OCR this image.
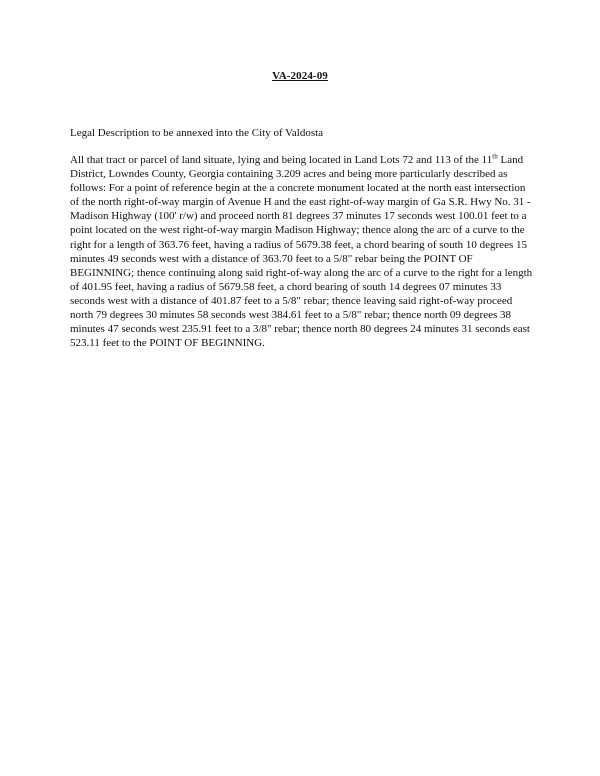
VA-2024-09
Legal Description to be annexed into the City of Valdosta
All that tract or parcel of land situate, lying and being located in Land Lots 72 and 113 of the 11th Land District, Lowndes County, Georgia containing 3.209 acres and being more particularly described as follows: For a point of reference begin at the a concrete monument located at the north east intersection of the north right-of-way margin of Avenue H and the east right-of-way margin of Ga S.R. Hwy No. 31 - Madison Highway (100' r/w) and proceed north 81 degrees 37 minutes 17 seconds west 100.01 feet to a point located on the west right-of-way margin Madison Highway; thence along the arc of a curve to the right for a length of 363.76 feet, having a radius of 5679.38 feet, a chord bearing of south 10 degrees 15 minutes 49 seconds west with a distance of 363.70 feet to a 5/8" rebar being the POINT OF BEGINNING; thence continuing along said right-of-way along the arc of a curve to the right for a length of 401.95 feet, having a radius of 5679.58 feet, a chord bearing of south 14 degrees 07 minutes 33 seconds west with a distance of 401.87 feet to a 5/8" rebar; thence leaving said right-of-way proceed north 79 degrees 30 minutes 58 seconds west 384.61 feet to a 5/8" rebar; thence north 09 degrees 38 minutes 47 seconds west 235.91 feet to a 3/8" rebar; thence north 80 degrees 24 minutes 31 seconds east 523.11 feet to the POINT OF BEGINNING.
